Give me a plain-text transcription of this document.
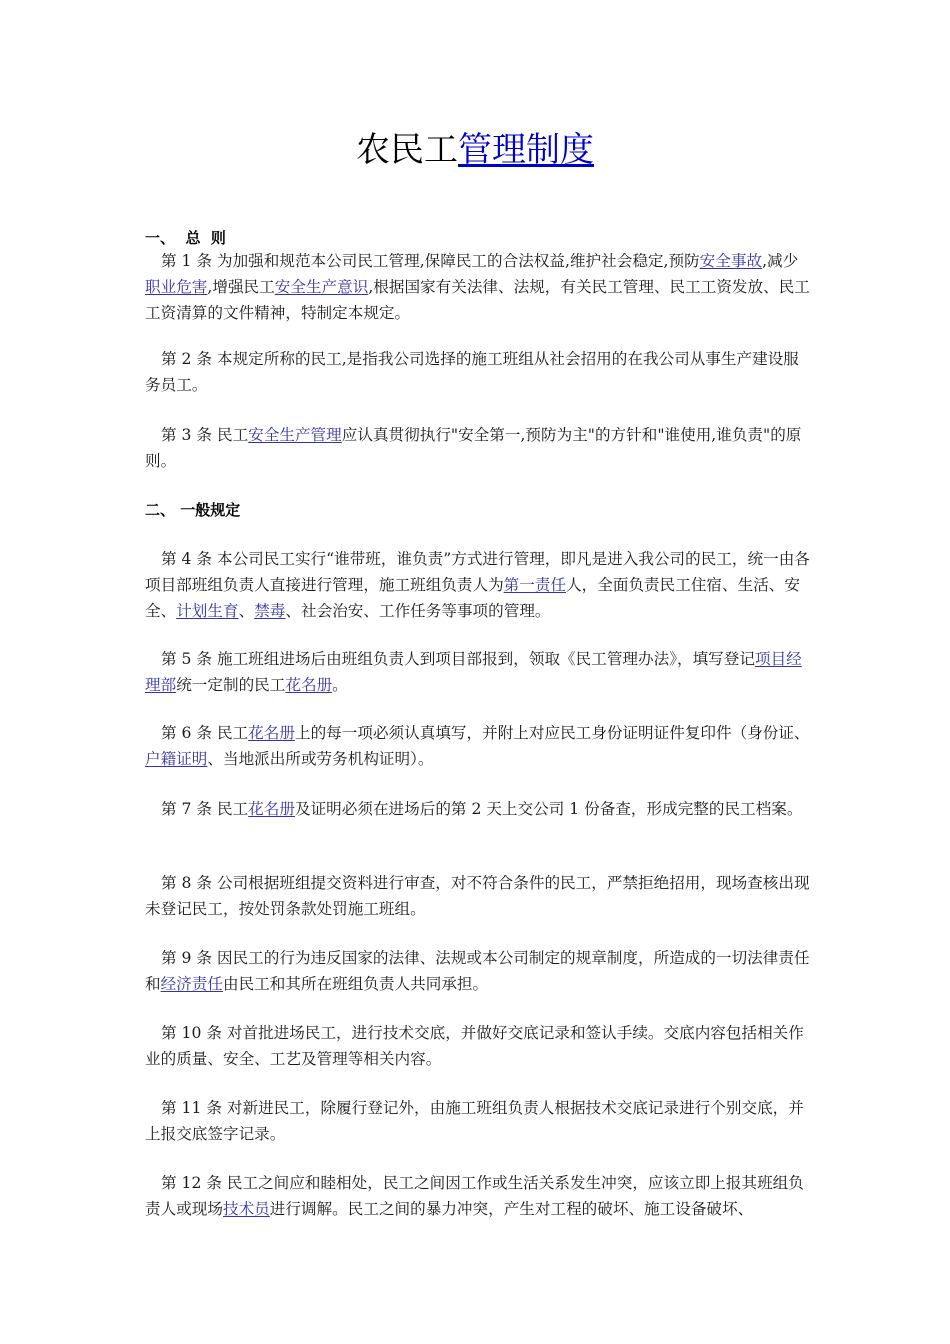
农民工管理制度
一、  总  则

第 1 条 为加强和规范本公司民工管理,保障民工的合法权益,维护社会稳定,预防安全事故,减少职业危害,增强民工安全生产意识,根据国家有关法律、法规，有关民工管理、民工工资发放、民工工资清算的文件精神，特制定本规定。

第 2 条 本规定所称的民工,是指我公司选择的施工班组从社会招用的在我公司从事生产建设服务员工。

第 3 条 民工安全生产管理应认真贯彻执行"安全第一,预防为主"的方针和"谁使用,谁负责"的原则。

二、 一般规定

第 4 条 本公司民工实行“谁带班，谁负责”方式进行管理，即凡是进入我公司的民工，统一由各项目部班组负责人直接进行管理，施工班组负责人为第一责任人，全面负责民工住宿、生活、安全、计划生育、禁毒、社会治安、工作任务等事项的管理。

第 5 条 施工班组进场后由班组负责人到项目部报到，领取《民工管理办法》，填写登记项目经理部统一定制的民工花名册。

第 6 条 民工花名册上的每一项必须认真填写，并附上对应民工身份证明证件复印件（身份证、户籍证明、当地派出所或劳务机构证明）。

第 7 条 民工花名册及证明必须在进场后的第 2 天上交公司 1 份备查，形成完整的民工档案。

第 8 条 公司根据班组提交资料进行审查，对不符合条件的民工，严禁拒绝招用，现场查核出现未登记民工，按处罚条款处罚施工班组。

第 9 条 因民工的行为违反国家的法律、法规或本公司制定的规章制度，所造成的一切法律责任和经济责任由民工和其所在班组负责人共同承担。

第 10 条 对首批进场民工，进行技术交底，并做好交底记录和签认手续。交底内容包括相关作业的质量、安全、工艺及管理等相关内容。

第 11 条 对新进民工，除履行登记外，由施工班组负责人根据技术交底记录进行个别交底，并上报交底签字记录。

第 12 条 民工之间应和睦相处，民工之间因工作或生活关系发生冲突，应该立即上报其班组负责人或现场技术员进行调解。民工之间的暴力冲突，产生对工程的破坏、施工设备破坏、
